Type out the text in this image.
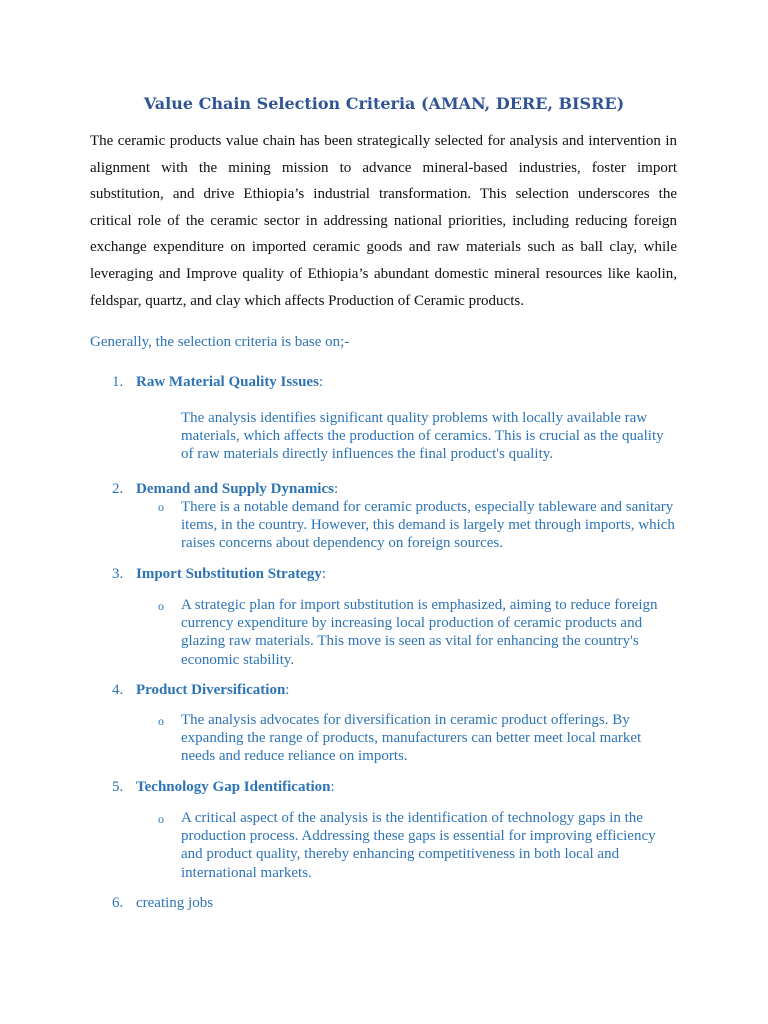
Value Chain Selection Criteria (AMAN, DERE, BISRE)

The ceramic products value chain has been strategically selected for analysis and intervention in
alignment with the mining mission to advance mineral-based industries, foster import
substitution, and drive Ethiopia’s industrial transformation. This selection underscores the
critical role of the ceramic sector in addressing national priorities, including reducing foreign
exchange expenditure on imported ceramic goods and raw materials such as ball clay, while
leveraging and Improve quality of Ethiopia’s abundant domestic mineral resources like kaolin,
feldspar, quartz, and clay which affects Production of Ceramic products.

Generally, the selection criteria is base on;-

1. Raw Material Quality Issues:

The analysis identifies significant quality problems with locally available raw materials, which affects the production of ceramics. This is crucial as the quality of raw materials directly influences the final product's quality.

2. Demand and Supply Dynamics:
o There is a notable demand for ceramic products, especially tableware and sanitary items, in the country. However, this demand is largely met through imports, which raises concerns about dependency on foreign sources.

3. Import Substitution Strategy:
o A strategic plan for import substitution is emphasized, aiming to reduce foreign currency expenditure by increasing local production of ceramic products and glazing raw materials. This move is seen as vital for enhancing the country's economic stability.

4. Product Diversification:
o The analysis advocates for diversification in ceramic product offerings. By expanding the range of products, manufacturers can better meet local market needs and reduce reliance on imports.

5. Technology Gap Identification:
o A critical aspect of the analysis is the identification of technology gaps in the production process. Addressing these gaps is essential for improving efficiency and product quality, thereby enhancing competitiveness in both local and international markets.

6. creating jobs
